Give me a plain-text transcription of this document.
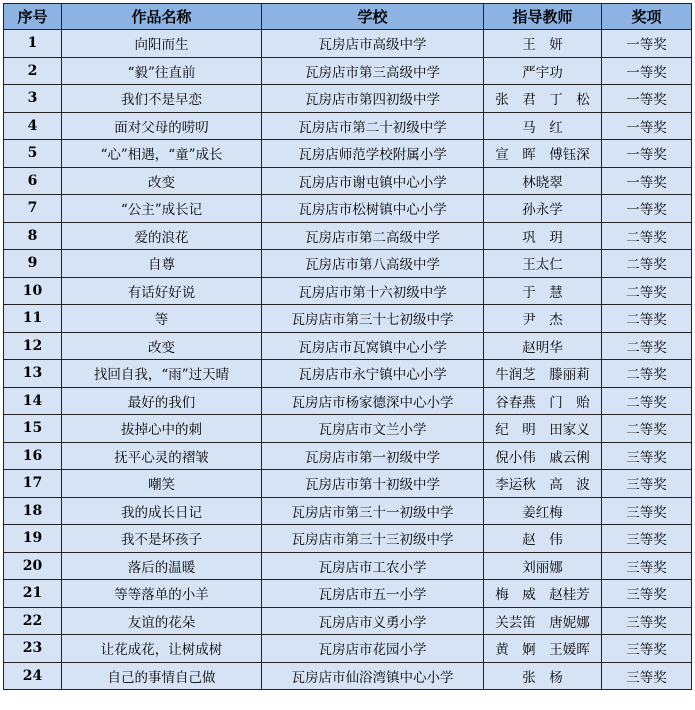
序号	作品名称	学校	指导教师	奖项
1	向阳而生	瓦房店市高级中学	王　妍	一等奖
2	“毅”往直前	瓦房店市第三高级中学	严宇功	一等奖
3	我们不是早恋	瓦房店市第四初级中学	张　君　丁　松	一等奖
4	面对父母的唠叨	瓦房店市第二十初级中学	马　红	一等奖
5	“心”相遇，“童”成长	瓦房店师范学校附属小学	宣　晖　傅钰深	一等奖
6	改变	瓦房店市谢屯镇中心小学	林晓翠	一等奖
7	“公主”成长记	瓦房店市松树镇中心小学	孙永学	一等奖
8	爱的浪花	瓦房店市第二高级中学	巩　玥	二等奖
9	自尊	瓦房店市第八高级中学	王太仁	二等奖
10	有话好好说	瓦房店市第十六初级中学	于　慧	二等奖
11	等	瓦房店市第三十七初级中学	尹　杰	二等奖
12	改变	瓦房店市瓦窝镇中心小学	赵明华	二等奖
13	找回自我，“雨”过天晴	瓦房店市永宁镇中心小学	牛润芝　滕丽莉	二等奖
14	最好的我们	瓦房店市杨家德深中心小学	谷春燕　门　贻	二等奖
15	拔掉心中的刺	瓦房店市文兰小学	纪　明　田家义	二等奖
16	抚平心灵的褶皱	瓦房店市第一初级中学	倪小伟　戚云俐	三等奖
17	嘲笑	瓦房店市第十初级中学	李运秋　高　波	三等奖
18	我的成长日记	瓦房店市第三十一初级中学	姜红梅	三等奖
19	我不是坏孩子	瓦房店市第三十三初级中学	赵　伟	三等奖
20	落后的温暖	瓦房店市工农小学	刘丽娜	三等奖
21	等等落单的小羊	瓦房店市五一小学	梅　威　赵桂芳	三等奖
22	友谊的花朵	瓦房店市义勇小学	关芸笛　唐妮娜	三等奖
23	让花成花，让树成树	瓦房店市花园小学	黄　婀　王媛晖	三等奖
24	自己的事情自己做	瓦房店市仙浴湾镇中心小学	张　杨	三等奖
